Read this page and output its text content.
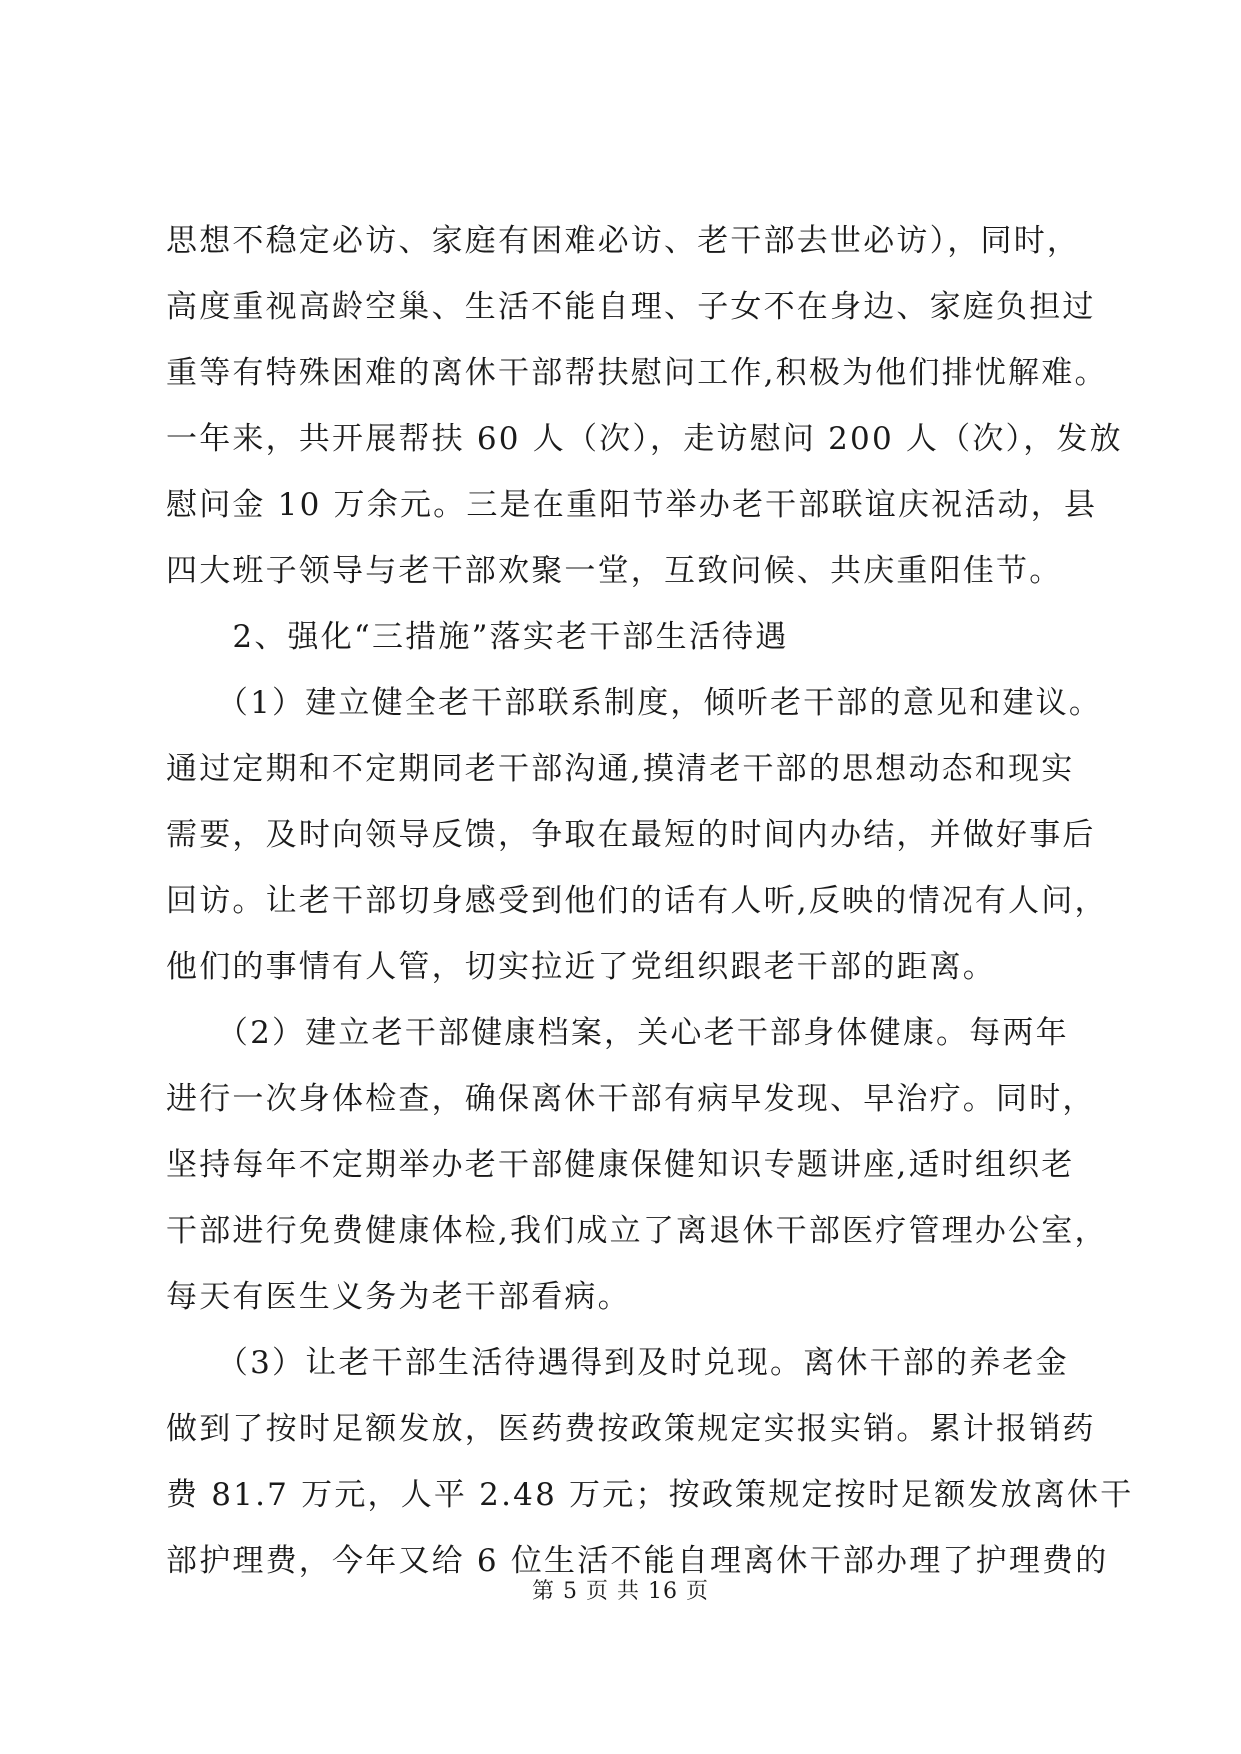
思想不稳定必访、家庭有困难必访、老干部去世必访），同时，
高度重视高龄空巢、生活不能自理、子女不在身边、家庭负担过
重等有特殊困难的离休干部帮扶慰问工作,积极为他们排忧解难。
一年来，共开展帮扶 60 人（次），走访慰问 200 人（次），发放
慰问金 10 万余元。三是在重阳节举办老干部联谊庆祝活动，县
四大班子领导与老干部欢聚一堂，互致问候、共庆重阳佳节。
　　2、强化“三措施”落实老干部生活待遇
　　（1）建立健全老干部联系制度，倾听老干部的意见和建议。
通过定期和不定期同老干部沟通,摸清老干部的思想动态和现实
需要，及时向领导反馈，争取在最短的时间内办结，并做好事后
回访。让老干部切身感受到他们的话有人听,反映的情况有人问，
他们的事情有人管，切实拉近了党组织跟老干部的距离。
　　（2）建立老干部健康档案，关心老干部身体健康。每两年
进行一次身体检查，确保离休干部有病早发现、早治疗。同时，
坚持每年不定期举办老干部健康保健知识专题讲座,适时组织老
干部进行免费健康体检,我们成立了离退休干部医疗管理办公室，
每天有医生义务为老干部看病。
　　（3）让老干部生活待遇得到及时兑现。离休干部的养老金
做到了按时足额发放，医药费按政策规定实报实销。累计报销药
费 81.7 万元，人平 2.48 万元；按政策规定按时足额发放离休干
部护理费，今年又给 6 位生活不能自理离休干部办理了护理费的
第 5 页 共 16 页
